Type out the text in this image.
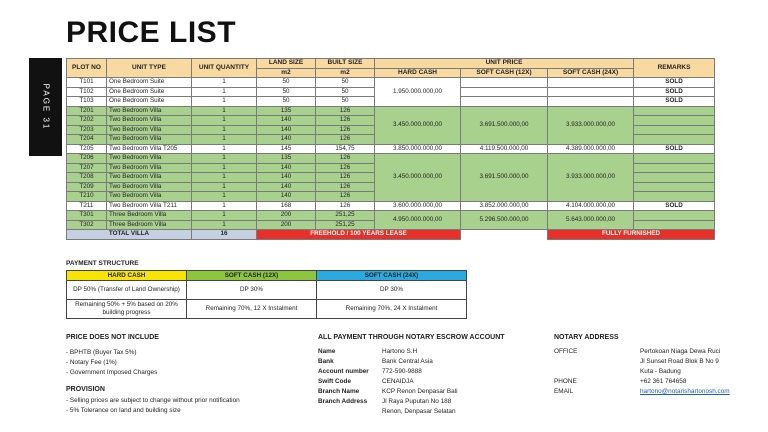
PRICE LIST
PAGE 31
PLOT NO	UNIT TYPE	UNIT QUANTITY	LAND SIZE	BUILT SIZE	UNIT PRICE			REMARKS
			m2	m2	HARD CASH	SOFT CASH (12X)	SOFT CASH (24X)	
T101	One Bedroom Suite	1	50	50	1.950.000.000,00			SOLD
T102	One Bedroom Suite	1	50	50				SOLD
T103	One Bedroom Suite	1	50	50				SOLD
T201	Two Bedroom Villa	1	135	126	3.450.000.000,00	3.691.500.000,00	3.933.000.000,00	
T202	Two Bedroom Villa	1	140	126				
T203	Two Bedroom Villa	1	140	126				
T204	Two Bedroom Villa	1	140	126				
T205	Two Bedroom Villa T205	1	145	154,75	3.850.000.000,00	4.119.500.000,00	4.389.000.000,00	SOLD
T206	Two Bedroom Villa	1	135	126	3.450.000.000,00	3.691.500.000,00	3.933.000.000,00	
T207	Two Bedroom Villa	1	140	126				
T208	Two Bedroom Villa	1	140	126				
T209	Two Bedroom Villa	1	140	126				
T210	Two Bedroom Villa	1	140	126				
T211	Two Bedroom Villa T211	1	168	126	3.600.000.000,00	3.852.000.000,00	4.104.000.000,00	SOLD
T301	Three Bedroom Villa	1	200	251,25	4.950.000.000,00	5.296.500.000,00	5.643.000.000,00	
T302	Three Bedroom Villa	1	200	251,25				
TOTAL VILLA		16	FREEHOLD / 100 YEARS LEASE				FULLY FURNISHED	
PAYMENT STRUCTURE
HARD CASH	SOFT CASH (12X)	SOFT CASH (24X)
DP 50% (Transfer of Land Ownership)	DP 30%	DP 30%
Remaining 50% + 5% based on 20% building progress	Remaining 70%, 12 X Instalment	Remaining 70%, 24 X Instalment
PRICE DOES NOT INCLUDE
- BPHTB (Buyer Tax 5%)
- Notary Fee (1%)
- Government Imposed Charges
PROVISION
- Selling prices are subject to change without prior notification
- 5% Tolerance on land and building size
ALL PAYMENT THROUGH NOTARY ESCROW ACCOUNT
Name	Hartono S.H
Bank	Bank Central Asia
Account number 772-590-9888
Swift Code	CENAIDJA
Branch Name	KCP Renon Denpasar Bali
Branch Address Jl Raya Puputan No 188
Renon, Denpasar Selatan
NOTARY ADDRESS
OFFICE	Pertokoan Niaga Dewa Ruci
Jl Sunset Road Blok B No 9
Kuta - Badung
PHONE	+62 361 764658
EMAIL	hartono@notarishartonosh.com
